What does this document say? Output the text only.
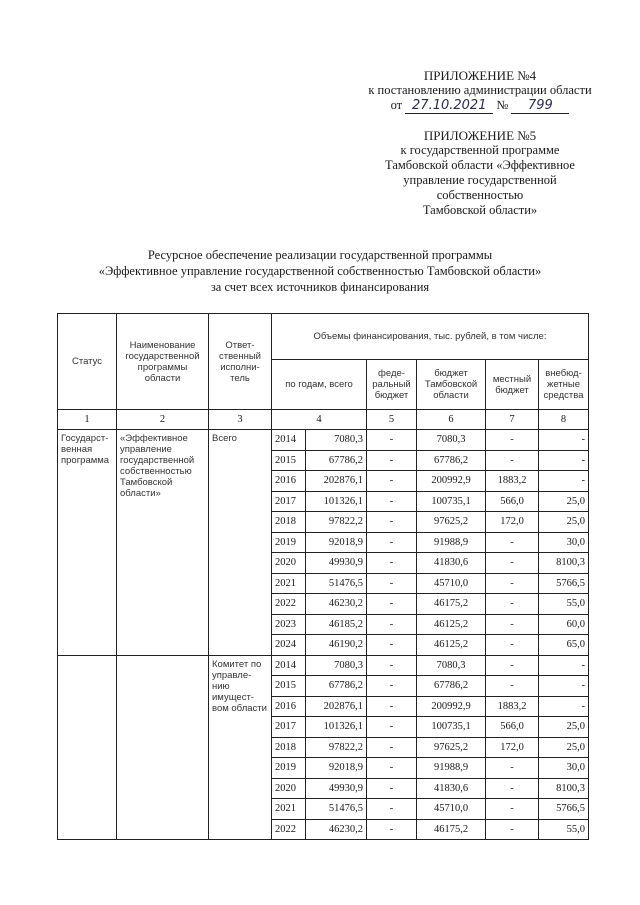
ПРИЛОЖЕНИЕ №4
к постановлению администрации области
от 27.10.2021 № 799
ПРИЛОЖЕНИЕ №5
к государственной программе
Тамбовской области «Эффективное
управление государственной
собственностью
Тамбовской области»
Ресурсное обеспечение реализации государственной программы
«Эффективное управление государственной собственностью Тамбовской области»
за счет всех источников финансирования
Статус	Наименование государственной программы области	Ответ- ственный исполни- тель	Объемы финансирования, тыс. рублей, в том числе:					
			по годам, всего		феде- ральный бюджет	бюджет Тамбовской области	местный бюджет	внебюд- жетные средства
1	2	3	4		5	6	7	8
Государст- венная программа	«Эффективное управление государственной собственностью Тамбовской области»	Всего	2014	7080,3	-	7080,3	-	-
			2015	67786,2	-	67786,2	-	-
			2016	202876,1	-	200992,9	1883,2	-
			2017	101326,1	-	100735,1	566,0	25,0
			2018	97822,2	-	97625,2	172,0	25,0
			2019	92018,9	-	91988,9	-	30,0
			2020	49930,9	-	41830,6	-	8100,3
			2021	51476,5	-	45710,0	-	5766,5
			2022	46230,2	-	46175,2	-	55,0
			2023	46185,2	-	46125,2	-	60,0
			2024	46190,2	-	46125,2	-	65,0
		Комитет по управле- нию имущест- вом области	2014	7080,3	-	7080,3	-	-
			2015	67786,2	-	67786,2	-	-
			2016	202876,1	-	200992,9	1883,2	-
			2017	101326,1	-	100735,1	566,0	25,0
			2018	97822,2	-	97625,2	172,0	25,0
			2019	92018,9	-	91988,9	-	30,0
			2020	49930,9	-	41830,6	-	8100,3
			2021	51476,5	-	45710,0	-	5766,5
			2022	46230,2	-	46175,2	-	55,0
